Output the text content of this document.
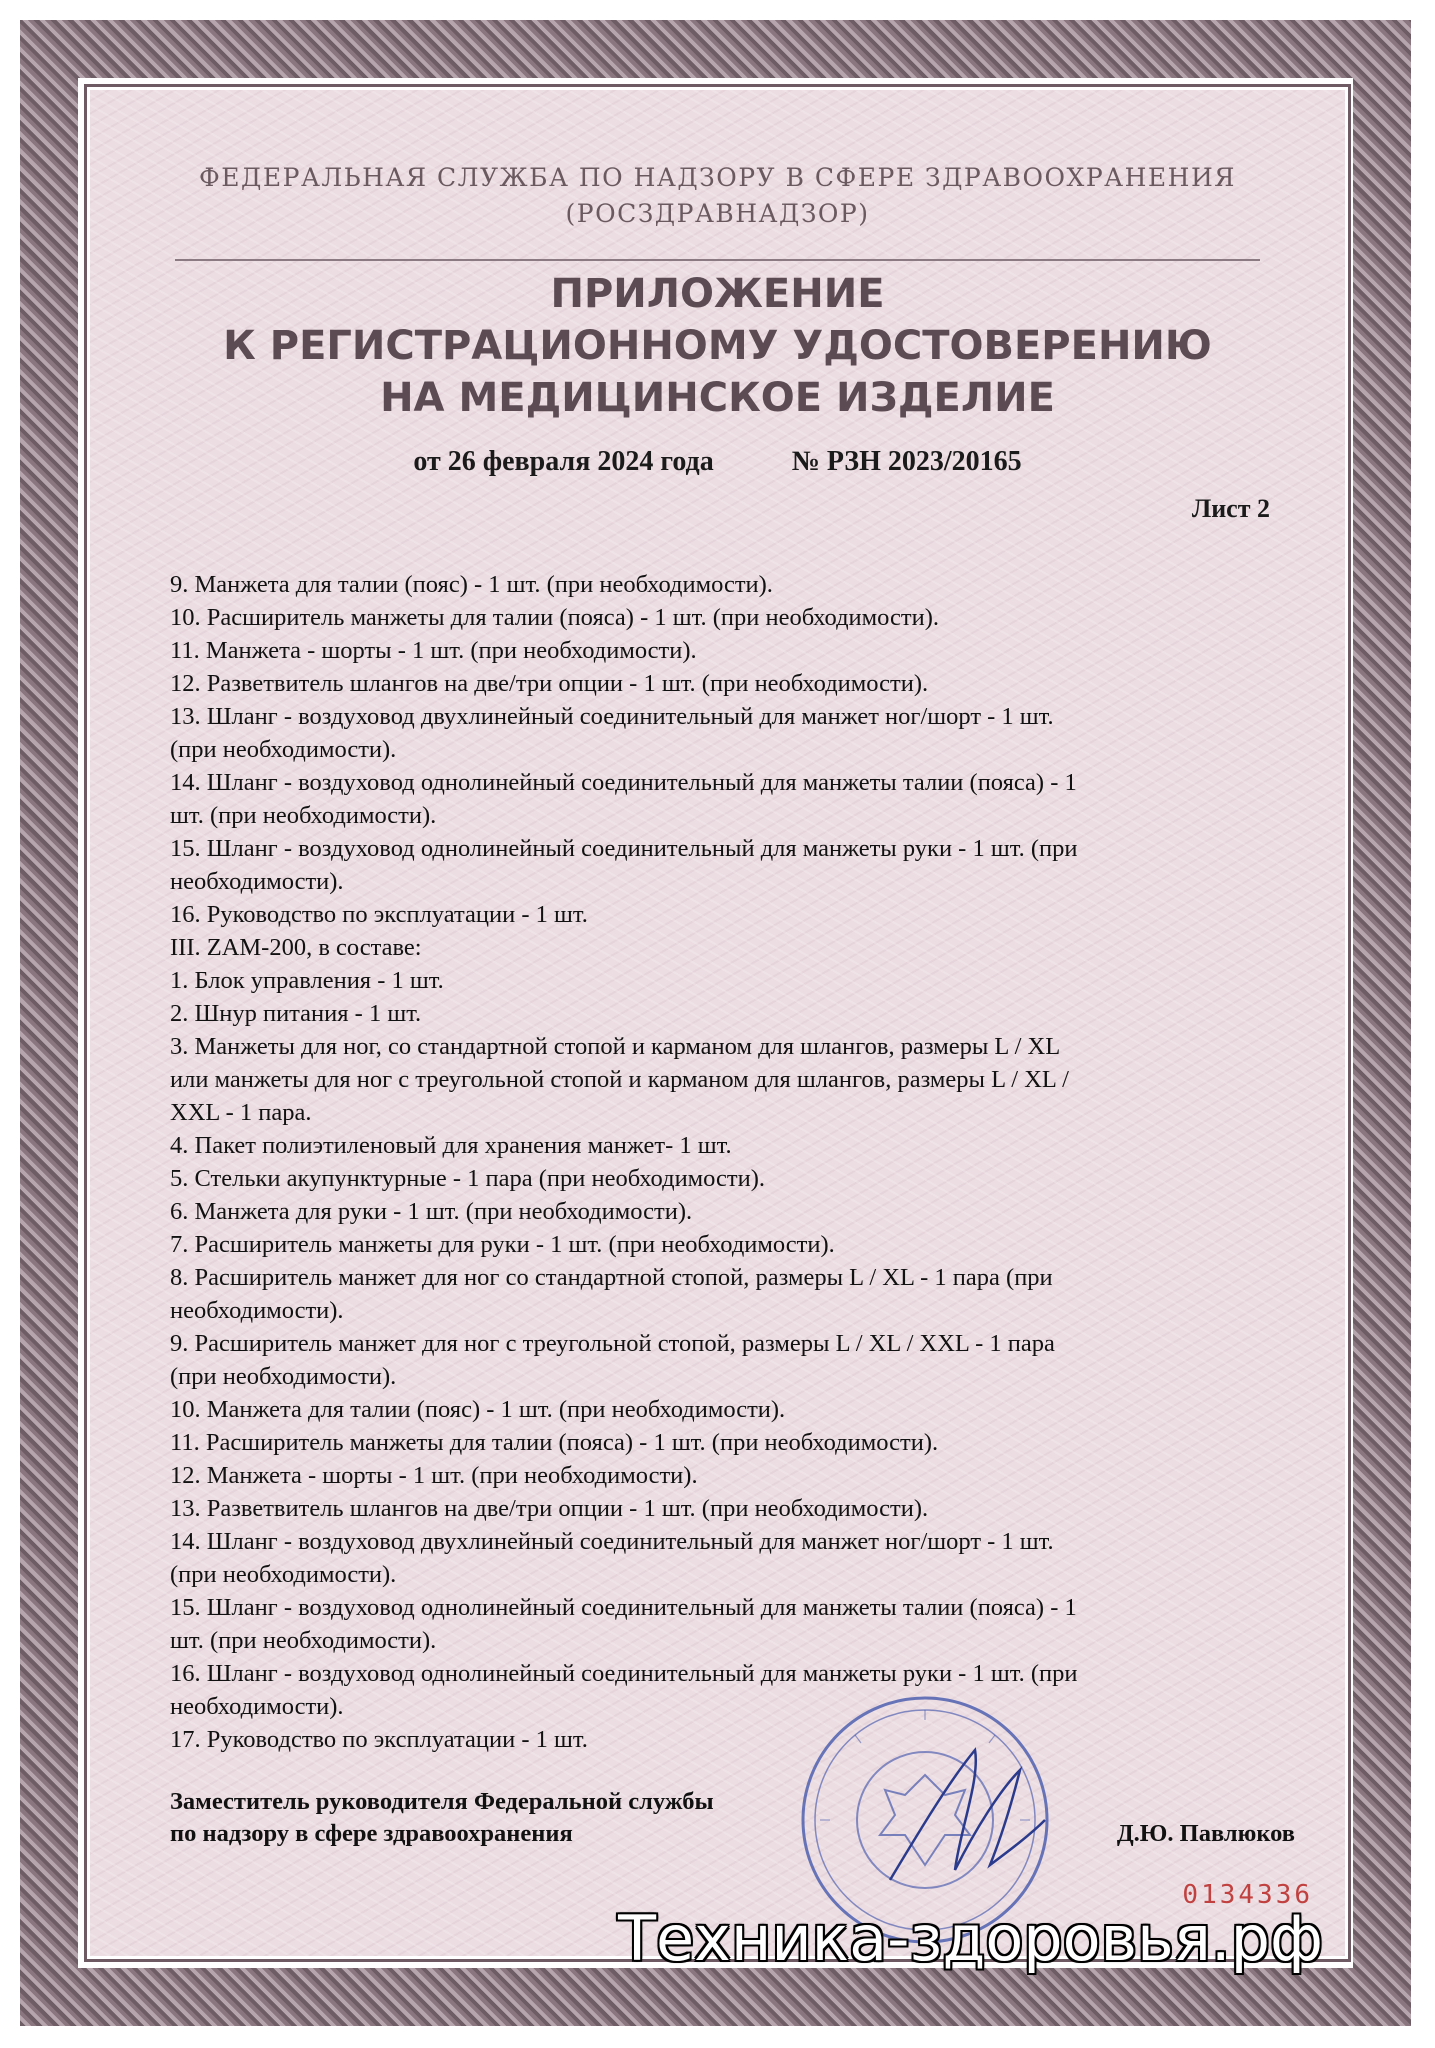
ФЕДЕРАЛЬНАЯ СЛУЖБА ПО НАДЗОРУ В СФЕРЕ ЗДРАВООХРАНЕНИЯ
(РОСЗДРАВНАДЗОР)
ПРИЛОЖЕНИЕ
К РЕГИСТРАЦИОННОМУ УДОСТОВЕРЕНИЮ
НА МЕДИЦИНСКОЕ ИЗДЕЛИЕ
от 26 февраля 2024 года	№ РЗН 2023/20165
Лист 2
9. Манжета для талии (пояс) - 1 шт. (при необходимости).
10. Расширитель манжеты для талии (пояса) - 1 шт. (при необходимости).
11. Манжета - шорты - 1 шт. (при необходимости).
12. Разветвитель шлангов на две/три опции - 1 шт. (при необходимости).
13. Шланг - воздуховод двухлинейный соединительный для манжет ног/шорт - 1 шт.
(при необходимости).
14. Шланг - воздуховод однолинейный соединительный для манжеты талии (пояса) - 1
шт. (при необходимости).
15. Шланг - воздуховод однолинейный соединительный для манжеты руки - 1 шт. (при
необходимости).
16. Руководство по эксплуатации - 1 шт.
III. ZAM-200, в составе:
1. Блок управления - 1 шт.
2. Шнур питания - 1 шт.
3. Манжеты для ног, со стандартной стопой и карманом для шлангов, размеры L / XL
или манжеты для ног с треугольной стопой и карманом для шлангов, размеры L / XL /
XXL - 1 пара.
4. Пакет полиэтиленовый для хранения манжет- 1 шт.
5. Стельки акупунктурные - 1 пара (при необходимости).
6. Манжета для руки - 1 шт. (при необходимости).
7. Расширитель манжеты для руки - 1 шт. (при необходимости).
8. Расширитель манжет для ног со стандартной стопой, размеры L / XL - 1 пара (при
необходимости).
9. Расширитель манжет для ног с треугольной стопой, размеры L / XL / XXL - 1 пара
(при необходимости).
10. Манжета для талии (пояс) - 1 шт. (при необходимости).
11. Расширитель манжеты для талии (пояса) - 1 шт. (при необходимости).
12. Манжета - шорты - 1 шт. (при необходимости).
13. Разветвитель шлангов на две/три опции - 1 шт. (при необходимости).
14. Шланг - воздуховод двухлинейный соединительный для манжет ног/шорт - 1 шт.
(при необходимости).
15. Шланг - воздуховод однолинейный соединительный для манжеты талии (пояса) - 1
шт. (при необходимости).
16. Шланг - воздуховод однолинейный соединительный для манжеты руки - 1 шт. (при
необходимости).
17. Руководство по эксплуатации - 1 шт.
Заместитель руководителя Федеральной службы
по надзору в сфере здравоохранения	Д.Ю. Павлюков
0134336
Техника-здоровья.рф
